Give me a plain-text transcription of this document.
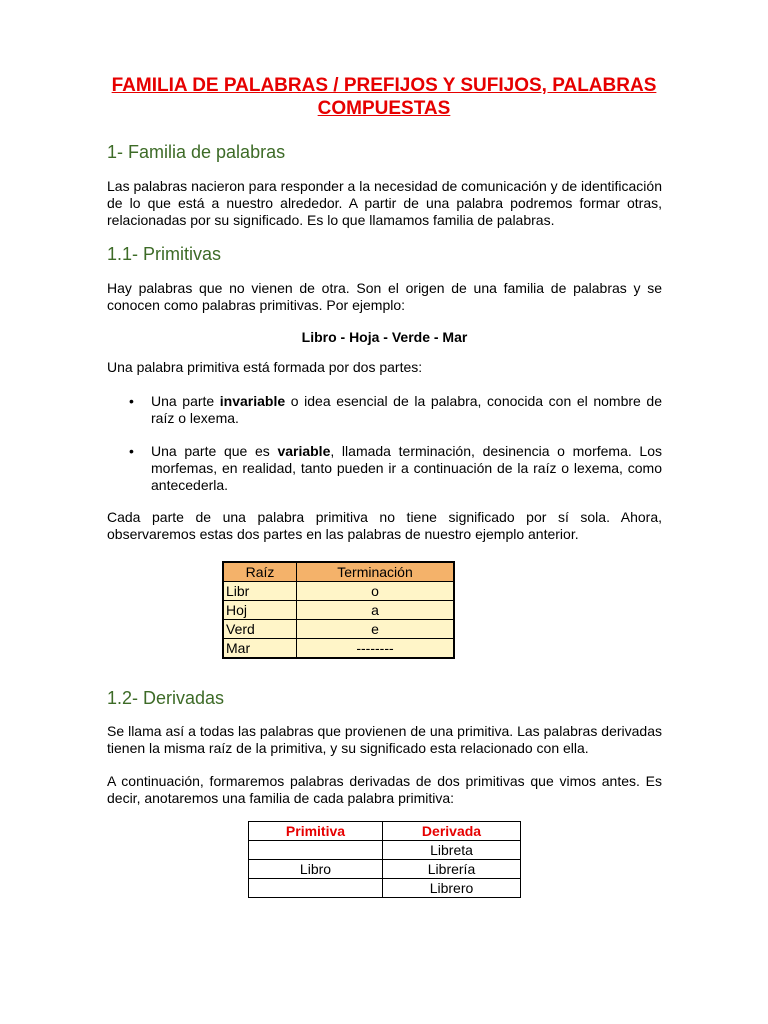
FAMILIA DE PALABRAS / PREFIJOS Y SUFIJOS, PALABRAS COMPUESTAS
1- Familia de palabras
Las palabras nacieron para responder a la necesidad de comunicación y de identificación de lo que está a nuestro alrededor. A partir de una palabra podremos formar otras, relacionadas por su significado. Es lo que llamamos familia de palabras.
1.1- Primitivas
Hay palabras que no vienen de otra. Son el origen de una familia de palabras y se conocen como palabras primitivas. Por ejemplo:
Libro - Hoja - Verde - Mar
Una palabra primitiva está formada por dos partes:
• Una parte invariable o idea esencial de la palabra, conocida con el nombre de raíz o lexema.
• Una parte que es variable, llamada terminación, desinencia o morfema. Los morfemas, en realidad, tanto pueden ir a continuación de la raíz o lexema, como antecederla.
Cada parte de una palabra primitiva no tiene significado por sí sola. Ahora, observaremos estas dos partes en las palabras de nuestro ejemplo anterior.
Raíz	Terminación
Libr	o
Hoj	a
Verd	e
Mar	--------
1.2- Derivadas
Se llama así a todas las palabras que provienen de una primitiva. Las palabras derivadas tienen la misma raíz de la primitiva, y su significado esta relacionado con ella.
A continuación, formaremos palabras derivadas de dos primitivas que vimos antes. Es decir, anotaremos una familia de cada palabra primitiva:
Primitiva	Derivada
	Libreta
Libro	Librería
	Librero
